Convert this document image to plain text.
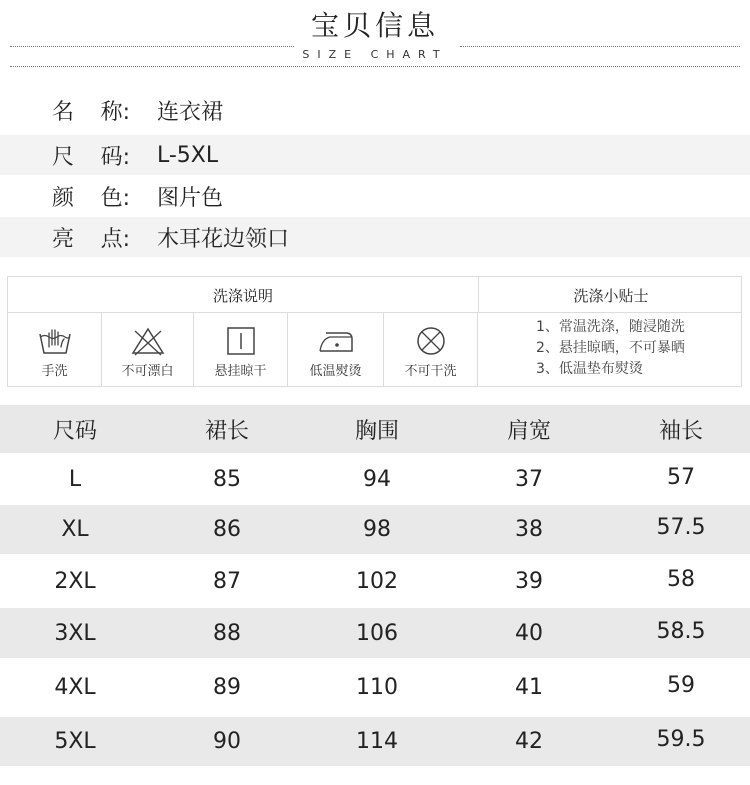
宝贝信息
SIZE CHART
名 称: 连衣裙
尺 码: L-5XL
颜 色: 图片色
亮 点: 木耳花边领口
洗涤说明	洗涤小贴士
手洗	不可漂白	悬挂晾干	低温熨烫	不可干洗
1、常温洗涤，随浸随洗
2、悬挂晾晒，不可暴晒
3、低温垫布熨烫
尺码	裙长	胸围	肩宽	袖长
L	85	94	37	57
XL	86	98	38	57.5
2XL	87	102	39	58
3XL	88	106	40	58.5
4XL	89	110	41	59
5XL	90	114	42	59.5
